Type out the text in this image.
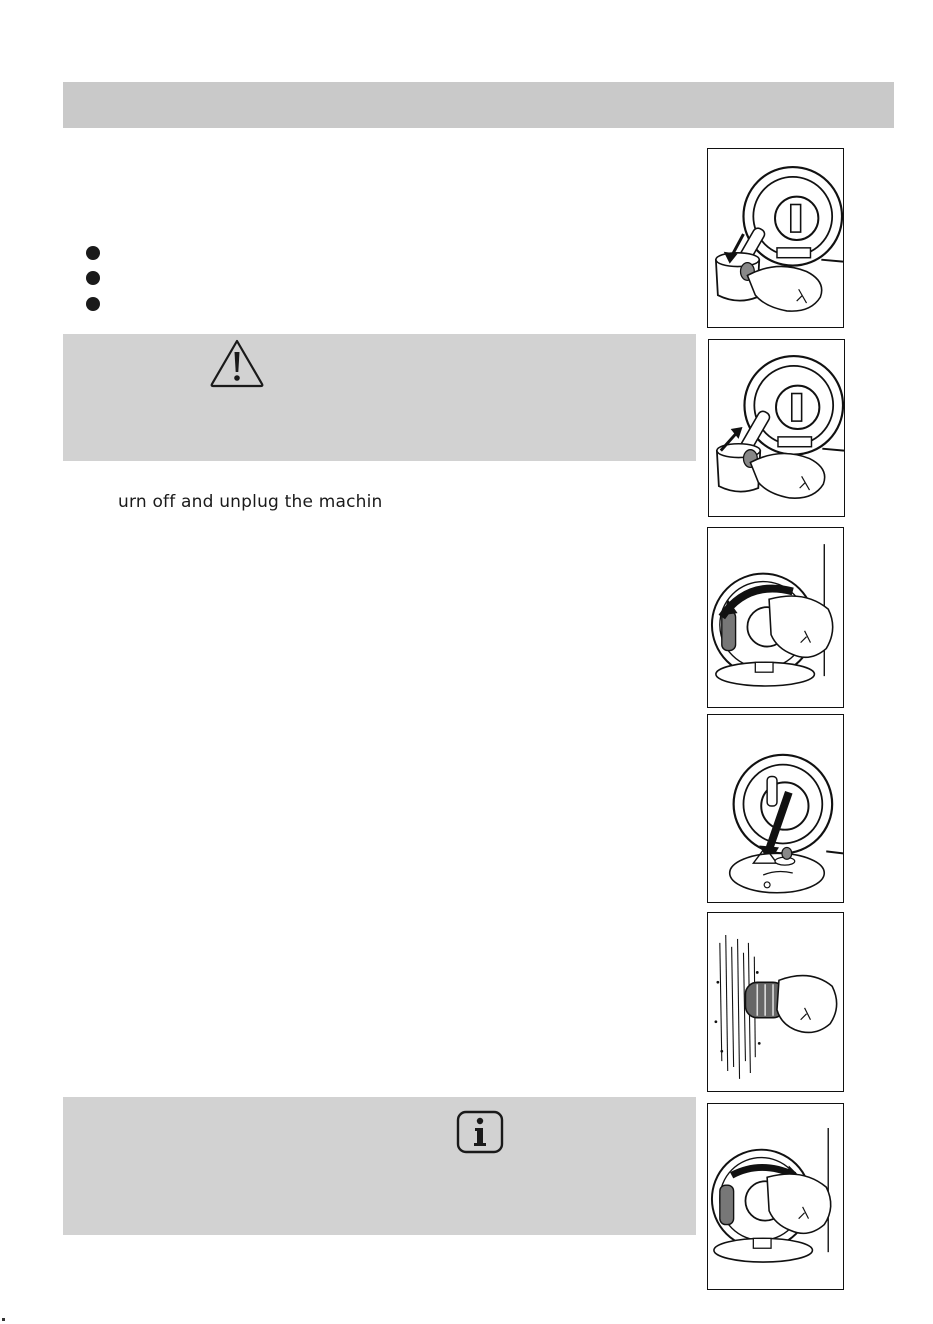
urn off and unplug the machin
